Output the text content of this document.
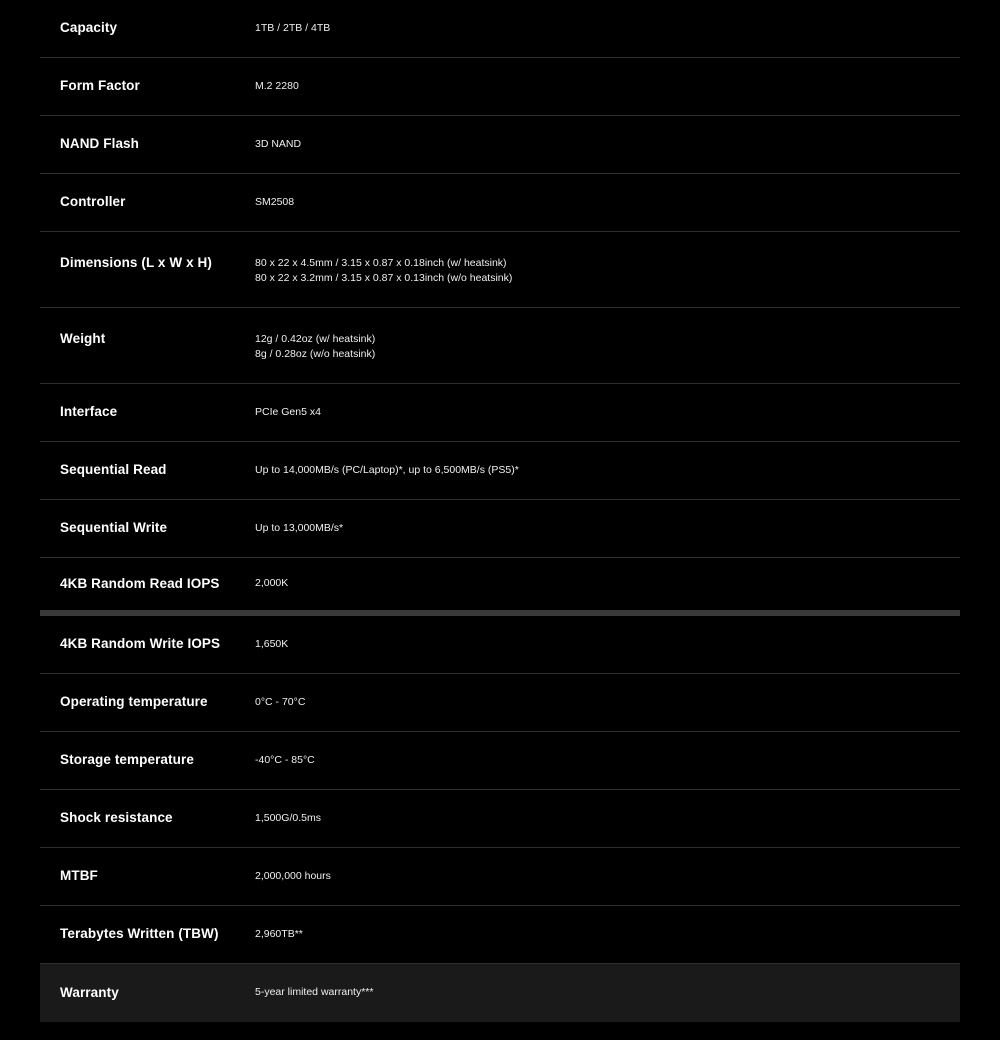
Capacity	1TB / 2TB / 4TB
Form Factor	M.2 2280
NAND Flash	3D NAND
Controller	SM2508
Dimensions (L x W x H)	80 x 22 x 4.5mm / 3.15 x 0.87 x 0.18inch (w/ heatsink)
80 x 22 x 3.2mm / 3.15 x 0.87 x 0.13inch (w/o heatsink)
Weight	12g / 0.42oz (w/ heatsink)
8g / 0.28oz (w/o heatsink)
Interface	PCIe Gen5 x4
Sequential Read	Up to 14,000MB/s (PC/Laptop)*, up to 6,500MB/s (PS5)*
Sequential Write	Up to 13,000MB/s*
4KB Random Read IOPS	2,000K
4KB Random Write IOPS	1,650K
Operating temperature	0°C - 70°C
Storage temperature	-40°C - 85°C
Shock resistance	1,500G/0.5ms
MTBF	2,000,000 hours
Terabytes Written (TBW)	2,960TB**
Warranty	5-year limited warranty***
